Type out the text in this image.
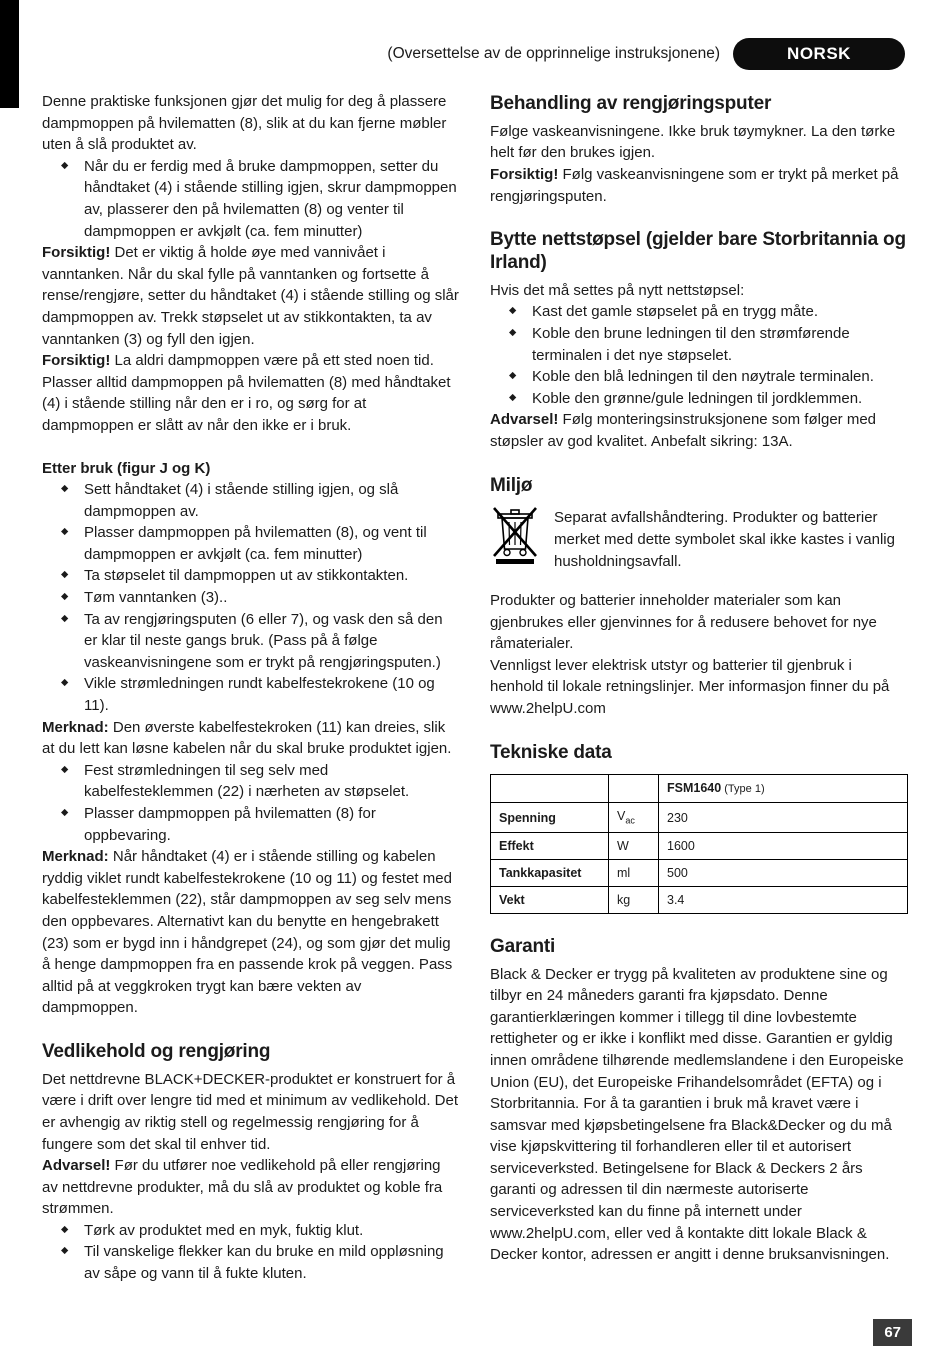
(Oversettelse av de opprinnelige instruksjonene)	NORSK

Denne praktiske funksjonen gjør det mulig for deg å plassere dampmoppen på hvilematten (8), slik at du kan fjerne møbler uten å slå produktet av.

◆ Når du er ferdig med å bruke dampmoppen, setter du håndtaket (4) i stående stilling igjen, skrur dampmoppen av, plasserer den på hvilematten (8) og venter til dampmoppen er avkjølt (ca. fem minutter)

Forsiktig! Det er viktig å holde øye med vannivået i vanntanken. Når du skal fylle på vanntanken og fortsette å rense/rengjøre, setter du håndtaket (4) i stående stilling og slår dampmoppen av. Trekk støpselet ut av stikkontakten, ta av vanntanken (3) og fyll den igjen.

Forsiktig! La aldri dampmoppen være på ett sted noen tid. Plasser alltid dampmoppen på hvilematten (8) med håndtaket (4) i stående stilling når den er i ro, og sørg for at dampmoppen er slått av når den ikke er i bruk.

Etter bruk (figur J og K)
◆ Sett håndtaket (4) i stående stilling igjen, og slå dampmoppen av.
◆ Plasser dampmoppen på hvilematten (8), og vent til dampmoppen er avkjølt (ca. fem minutter)
◆ Ta støpselet til dampmoppen ut av stikkontakten.
◆ Tøm vanntanken (3)..
◆ Ta av rengjøringsputen (6 eller 7), og vask den så den er klar til neste gangs bruk. (Pass på å følge vaskeanvisningene som er trykt på rengjøringsputen.)
◆ Vikle strømledningen rundt kabelfestekrokene (10 og 11).

Merknad: Den øverste kabelfestekroken (11) kan dreies, slik at du lett kan løsne kabelen når du skal bruke produktet igjen.

◆ Fest strømledningen til seg selv med kabelfesteklemmen (22) i nærheten av støpselet.
◆ Plasser dampmoppen på hvilematten (8) for oppbevaring.

Merknad: Når håndtaket (4) er i stående stilling og kabelen ryddig viklet rundt kabelfestekrokene (10 og 11) og festet med kabelfesteklemmen (22), står dampmoppen av seg selv mens den oppbevares. Alternativt kan du benytte en hengebrakett (23) som er bygd inn i håndgrepet (24), og som gjør det mulig å henge dampmoppen fra en passende krok på veggen. Pass alltid på at veggkroken trygt kan bære vekten av dampmoppen.

Vedlikehold og rengjøring

Det nettdrevne BLACK+DECKER-produktet er konstruert for å være i drift over lengre tid med et minimum av vedlikehold. Det er avhengig av riktig stell og regelmessig rengjøring for å fungere som det skal til enhver tid.

Advarsel! Før du utfører noe vedlikehold på eller rengjøring av nettdrevne produkter, må du slå av produktet og koble fra strømmen.

◆ Tørk av produktet med en myk, fuktig klut.
◆ Til vanskelige flekker kan du bruke en mild oppløsning av såpe og vann til å fukte kluten.
Behandling av rengjøringsputer

Følge vaskeanvisningene. Ikke bruk tøymykner. La den tørke helt før den brukes igjen.

Forsiktig! Følg vaskeanvisningene som er trykt på merket på rengjøringsputen.

Bytte nettstøpsel (gjelder bare Storbritannia og Irland)

Hvis det må settes på nytt nettstøpsel:

◆ Kast det gamle støpselet på en trygg måte.
◆ Koble den brune ledningen til den strømførende terminalen i det nye støpselet.
◆ Koble den blå ledningen til den nøytrale terminalen.
◆ Koble den grønne/gule ledningen til jordklemmen.

Advarsel! Følg monteringsinstruksjonene som følger med støpsler av god kvalitet. Anbefalt sikring: 13A.

Miljø
Separat avfallshåndtering. Produkter og batterier merket med dette symbolet skal ikke kastes i vanlig husholdningsavfall.

Produkter og batterier inneholder materialer som kan gjenbrukes eller gjenvinnes for å redusere behovet for nye råmaterialer.

Vennligst lever elektrisk utstyr og batterier til gjenbruk i henhold til lokale retningslinjer. Mer informasjon finner du på www.2helpU.com

Tekniske data
		FSM1640 (Type 1)
Spenning	$V_{ac}$	230
Effekt	W	1600
Tankkapasitet	ml	500
Vekt	kg	3.4
Garanti

Black & Decker er trygg på kvaliteten av produktene sine og tilbyr en 24 måneders garanti fra kjøpsdato. Denne garantierklæringen kommer i tillegg til dine lovbestemte rettigheter og er ikke i konflikt med disse. Garantien er gyldig innen områdene tilhørende medlemslandene i den Europeiske Union (EU), det Europeiske Frihandelsområdet (EFTA) og i Storbritannia. For å ta garantien i bruk må kravet være i samsvar med kjøpsbetingelsene fra Black&Decker og du må vise kjøpskvittering til forhandleren eller til et autorisert serviceverksted. Betingelsene for Black & Deckers 2 års garanti og adressen til din nærmeste autoriserte serviceverksted kan du finne på internett under www.2helpU.com, eller ved å kontakte ditt lokale Black & Decker kontor, adressen er angitt i denne bruksanvisningen.

67
